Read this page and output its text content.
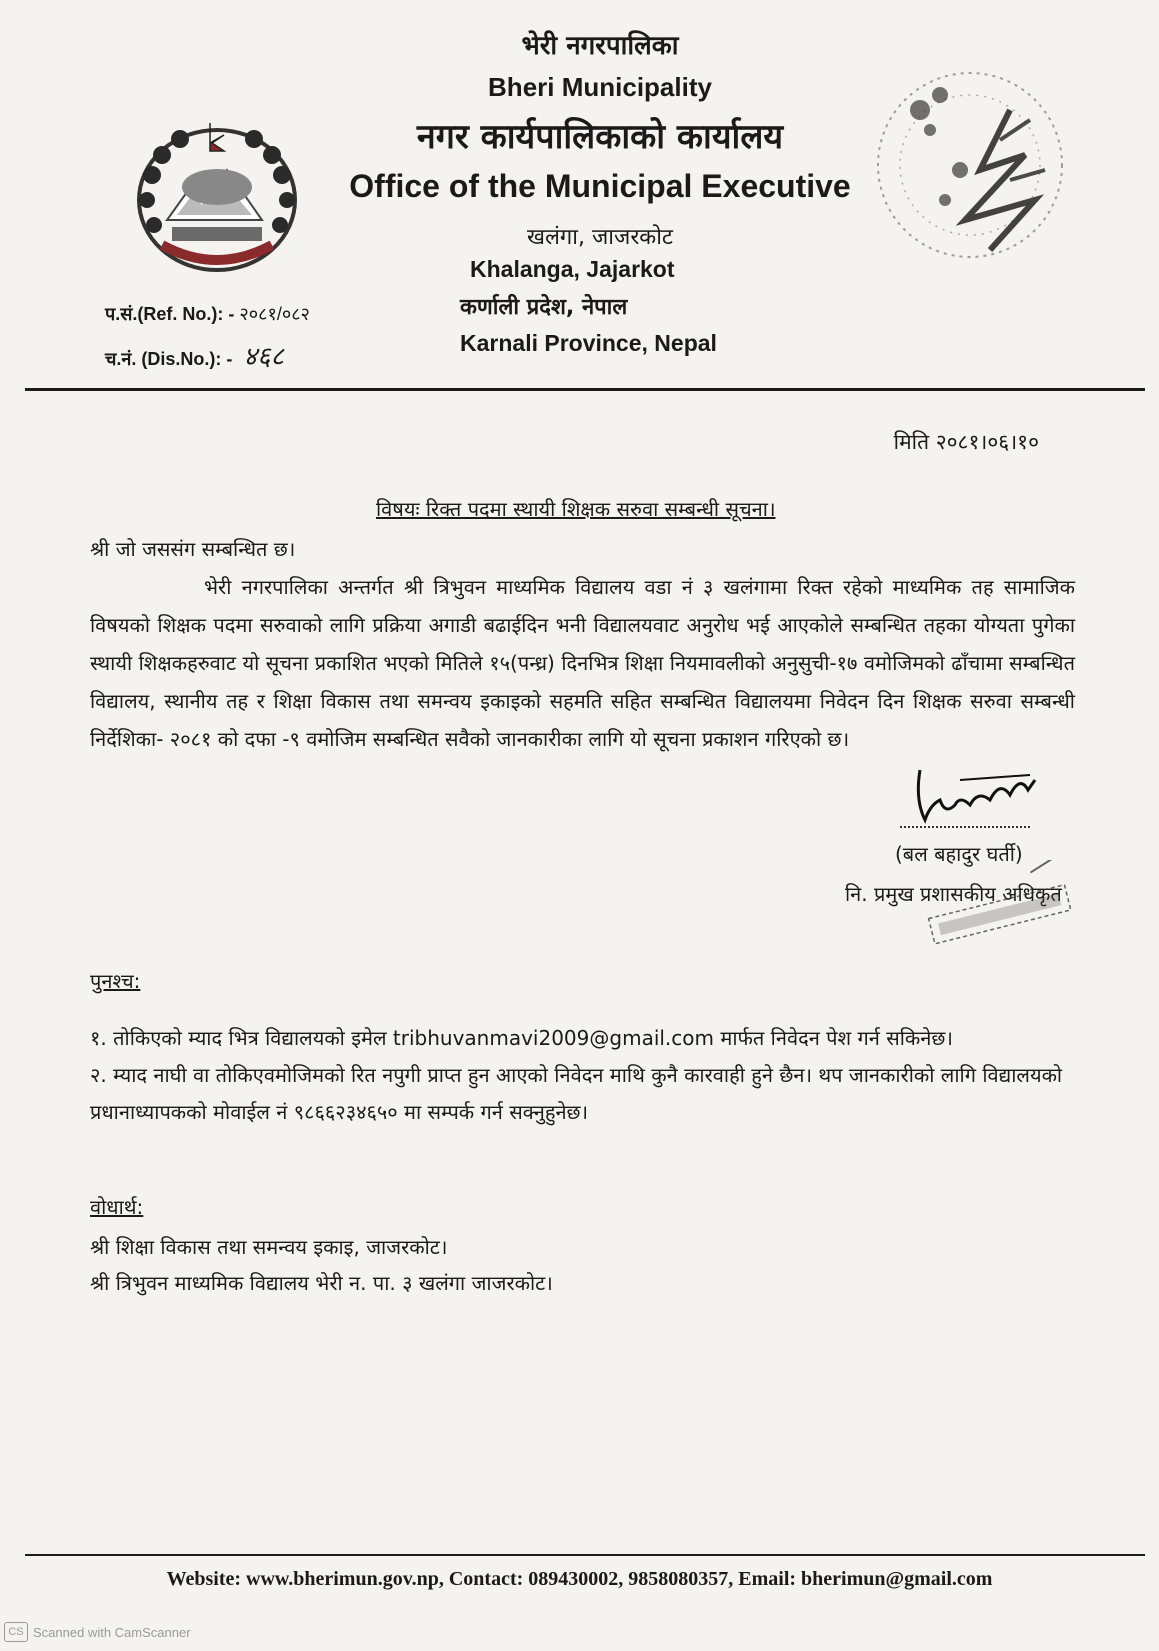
भेरी नगरपालिका
Bheri Municipality
नगर कार्यपालिकाको कार्यालय
Office of the Municipal Executive
खलंगा, जाजरकोट
Khalanga, Jajarkot
कर्णाली प्रदेश, नेपाल
Karnali Province, Nepal
प.सं.(Ref. No.): - २०८१/०८२
च.नं. (Dis.No.): - ४६८
मिति २०८१।०६।१०
विषयः रिक्त पदमा स्थायी शिक्षक सरुवा सम्बन्धी सूचना।
श्री जो जससंग सम्बन्धित छ।
भेरी नगरपालिका अन्तर्गत श्री त्रिभुवन माध्यमिक विद्यालय वडा नं ३ खलंगामा रिक्त रहेको माध्यमिक तह सामाजिक विषयको शिक्षक पदमा सरुवाको लागि प्रक्रिया अगाडी बढाईदिन भनी विद्यालयवाट अनुरोध भई आएकोले सम्बन्धित तहका योग्यता पुगेका स्थायी शिक्षकहरुवाट यो सूचना प्रकाशित भएको मितिले १५(पन्ध्र) दिनभित्र शिक्षा नियमावलीको अनुसुची-१७ वमोजिमको ढाँचामा सम्बन्धित विद्यालय, स्थानीय तह र शिक्षा विकास तथा समन्वय इकाइको सहमति सहित सम्बन्धित विद्यालयमा निवेदन दिन शिक्षक सरुवा सम्बन्धी निर्देशिका- २०८१ को दफा -९ वमोजिम सम्बन्धित सवैको जानकारीका लागि यो सूचना प्रकाशन गरिएको छ।
(बल बहादुर घर्ती)
नि. प्रमुख प्रशासकीय अधिकृत
पुनश्च:

१. तोकिएको म्याद भित्र विद्यालयको इमेल tribhuvanmavi2009@gmail.com मार्फत निवेदन पेश गर्न सकिनेछ।

२. म्याद नाघी वा तोकिएवमोजिमको रित नपुगी प्राप्त हुन आएको निवेदन माथि कुनै कारवाही हुने छैन। थप जानकारीको लागि विद्यालयको प्रधानाध्यापकको मोवाईल नं ९८६६२३४६५० मा सम्पर्क गर्न सक्नुहुनेछ।

वोधार्थ:
श्री शिक्षा विकास तथा समन्वय इकाइ, जाजरकोट।
श्री त्रिभुवन माध्यमिक विद्यालय भेरी न. पा. ३ खलंगा जाजरकोट।
Website: www.bherimun.gov.np, Contact: 089430002, 9858080357, Email: bherimun@gmail.com
CS Scanned with CamScanner
